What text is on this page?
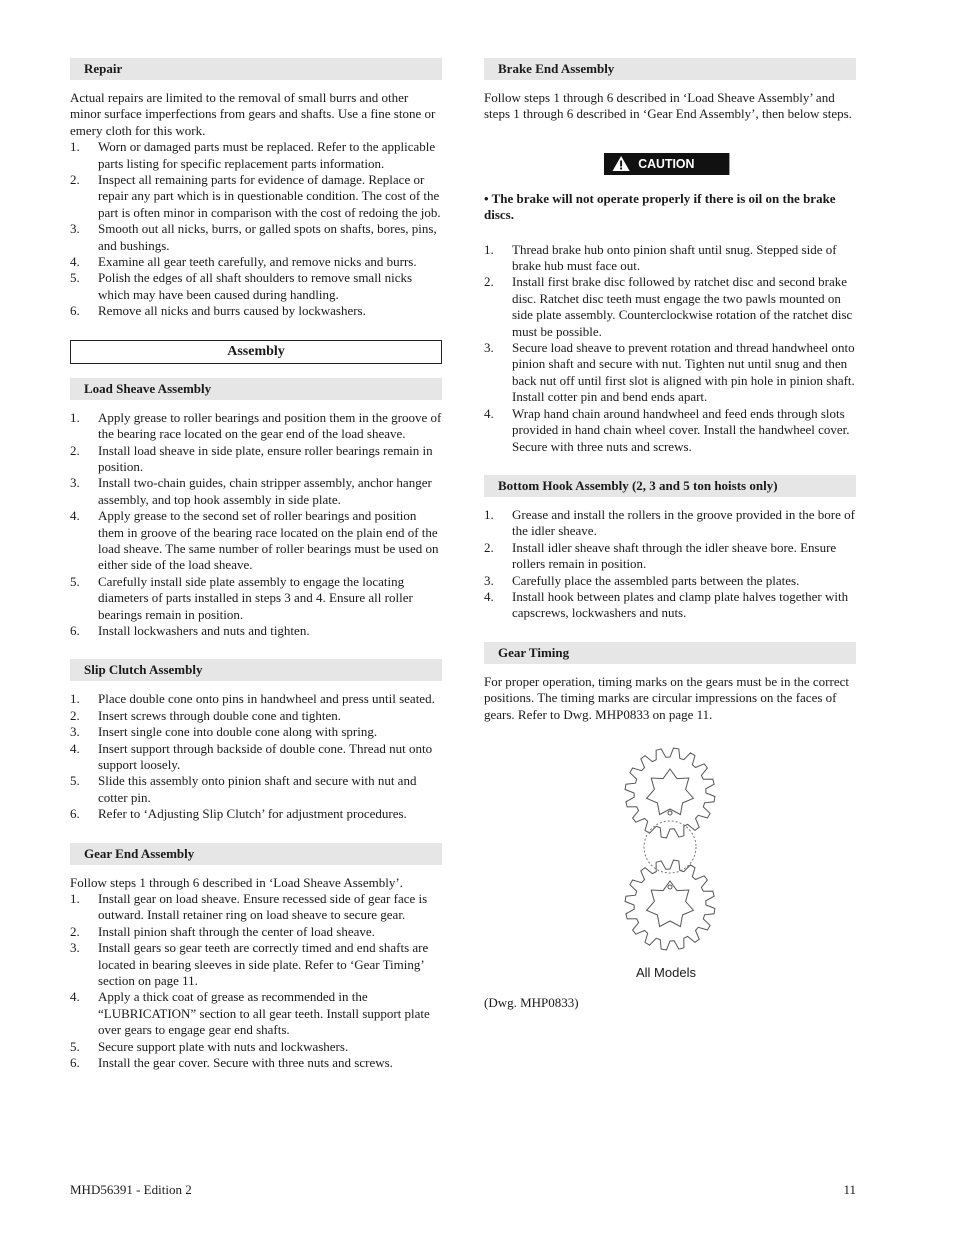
Repair

Actual repairs are limited to the removal of small burrs and other minor surface imperfections from gears and shafts. Use a fine stone or emery cloth for this work.

1. Worn or damaged parts must be replaced. Refer to the applicable parts listing for specific replacement parts information.
2. Inspect all remaining parts for evidence of damage. Replace or repair any part which is in questionable condition. The cost of the part is often minor in comparison with the cost of redoing the job.
3. Smooth out all nicks, burrs, or galled spots on shafts, bores, pins, and bushings.
4. Examine all gear teeth carefully, and remove nicks and burrs.
5. Polish the edges of all shaft shoulders to remove small nicks which may have been caused during handling.
6. Remove all nicks and burrs caused by lockwashers.
Assembly
Load Sheave Assembly
1. Apply grease to roller bearings and position them in the groove of the bearing race located on the gear end of the load sheave.
2. Install load sheave in side plate, ensure roller bearings remain in position.
3. Install two-chain guides, chain stripper assembly, anchor hanger assembly, and top hook assembly in side plate.
4. Apply grease to the second set of roller bearings and position them in groove of the bearing race located on the plain end of the load sheave. The same number of roller bearings must be used on either side of the load sheave.
5. Carefully install side plate assembly to engage the locating diameters of parts installed in steps 3 and 4. Ensure all roller bearings remain in position.
6. Install lockwashers and nuts and tighten.
Slip Clutch Assembly
1. Place double cone onto pins in handwheel and press until seated.
2. Insert screws through double cone and tighten.
3. Insert single cone into double cone along with spring.
4. Insert support through backside of double cone. Thread nut onto support loosely.
5. Slide this assembly onto pinion shaft and secure with nut and cotter pin.
6. Refer to ‘Adjusting Slip Clutch’ for adjustment procedures.
Gear End Assembly

Follow steps 1 through 6 described in ‘Load Sheave Assembly’.

1. Install gear on load sheave. Ensure recessed side of gear face is outward. Install retainer ring on load sheave to secure gear.
2. Install pinion shaft through the center of load sheave.
3. Install gears so gear teeth are correctly timed and end shafts are located in bearing sleeves in side plate. Refer to ‘Gear Timing’ section on page 11.
4. Apply a thick coat of grease as recommended in the “LUBRICATION” section to all gear teeth. Install support plate over gears to engage gear end shafts.
5. Secure support plate with nuts and lockwashers.
6. Install the gear cover. Secure with three nuts and screws.
Brake End Assembly

Follow steps 1 through 6 described in ‘Load Sheave Assembly’ and steps 1 through 6 described in ‘Gear End Assembly’, then below steps.

CAUTION

• The brake will not operate properly if there is oil on the brake discs.

1. Thread brake hub onto pinion shaft until snug. Stepped side of brake hub must face out.
2. Install first brake disc followed by ratchet disc and second brake disc. Ratchet disc teeth must engage the two pawls mounted on side plate assembly. Counterclockwise rotation of the ratchet disc must be possible.
3. Secure load sheave to prevent rotation and thread handwheel onto pinion shaft and secure with nut. Tighten nut until snug and then back nut off until first slot is aligned with pin hole in pinion shaft. Install cotter pin and bend ends apart.
4. Wrap hand chain around handwheel and feed ends through slots provided in hand chain wheel cover. Install the handwheel cover. Secure with three nuts and screws.
Bottom Hook Assembly (2, 3 and 5 ton hoists only)
1. Grease and install the rollers in the groove provided in the bore of the idler sheave.
2. Install idler sheave shaft through the idler sheave bore. Ensure rollers remain in position.
3. Carefully place the assembled parts between the plates.
4. Install hook between plates and clamp plate halves together with capscrews, lockwashers and nuts.
Gear Timing

For proper operation, timing marks on the gears must be in the correct positions. The timing marks are circular impressions on the faces of gears. Refer to Dwg. MHP0833 on page 11.

All Models

(Dwg. MHP0833)

MHD56391 - Edition 2	11
